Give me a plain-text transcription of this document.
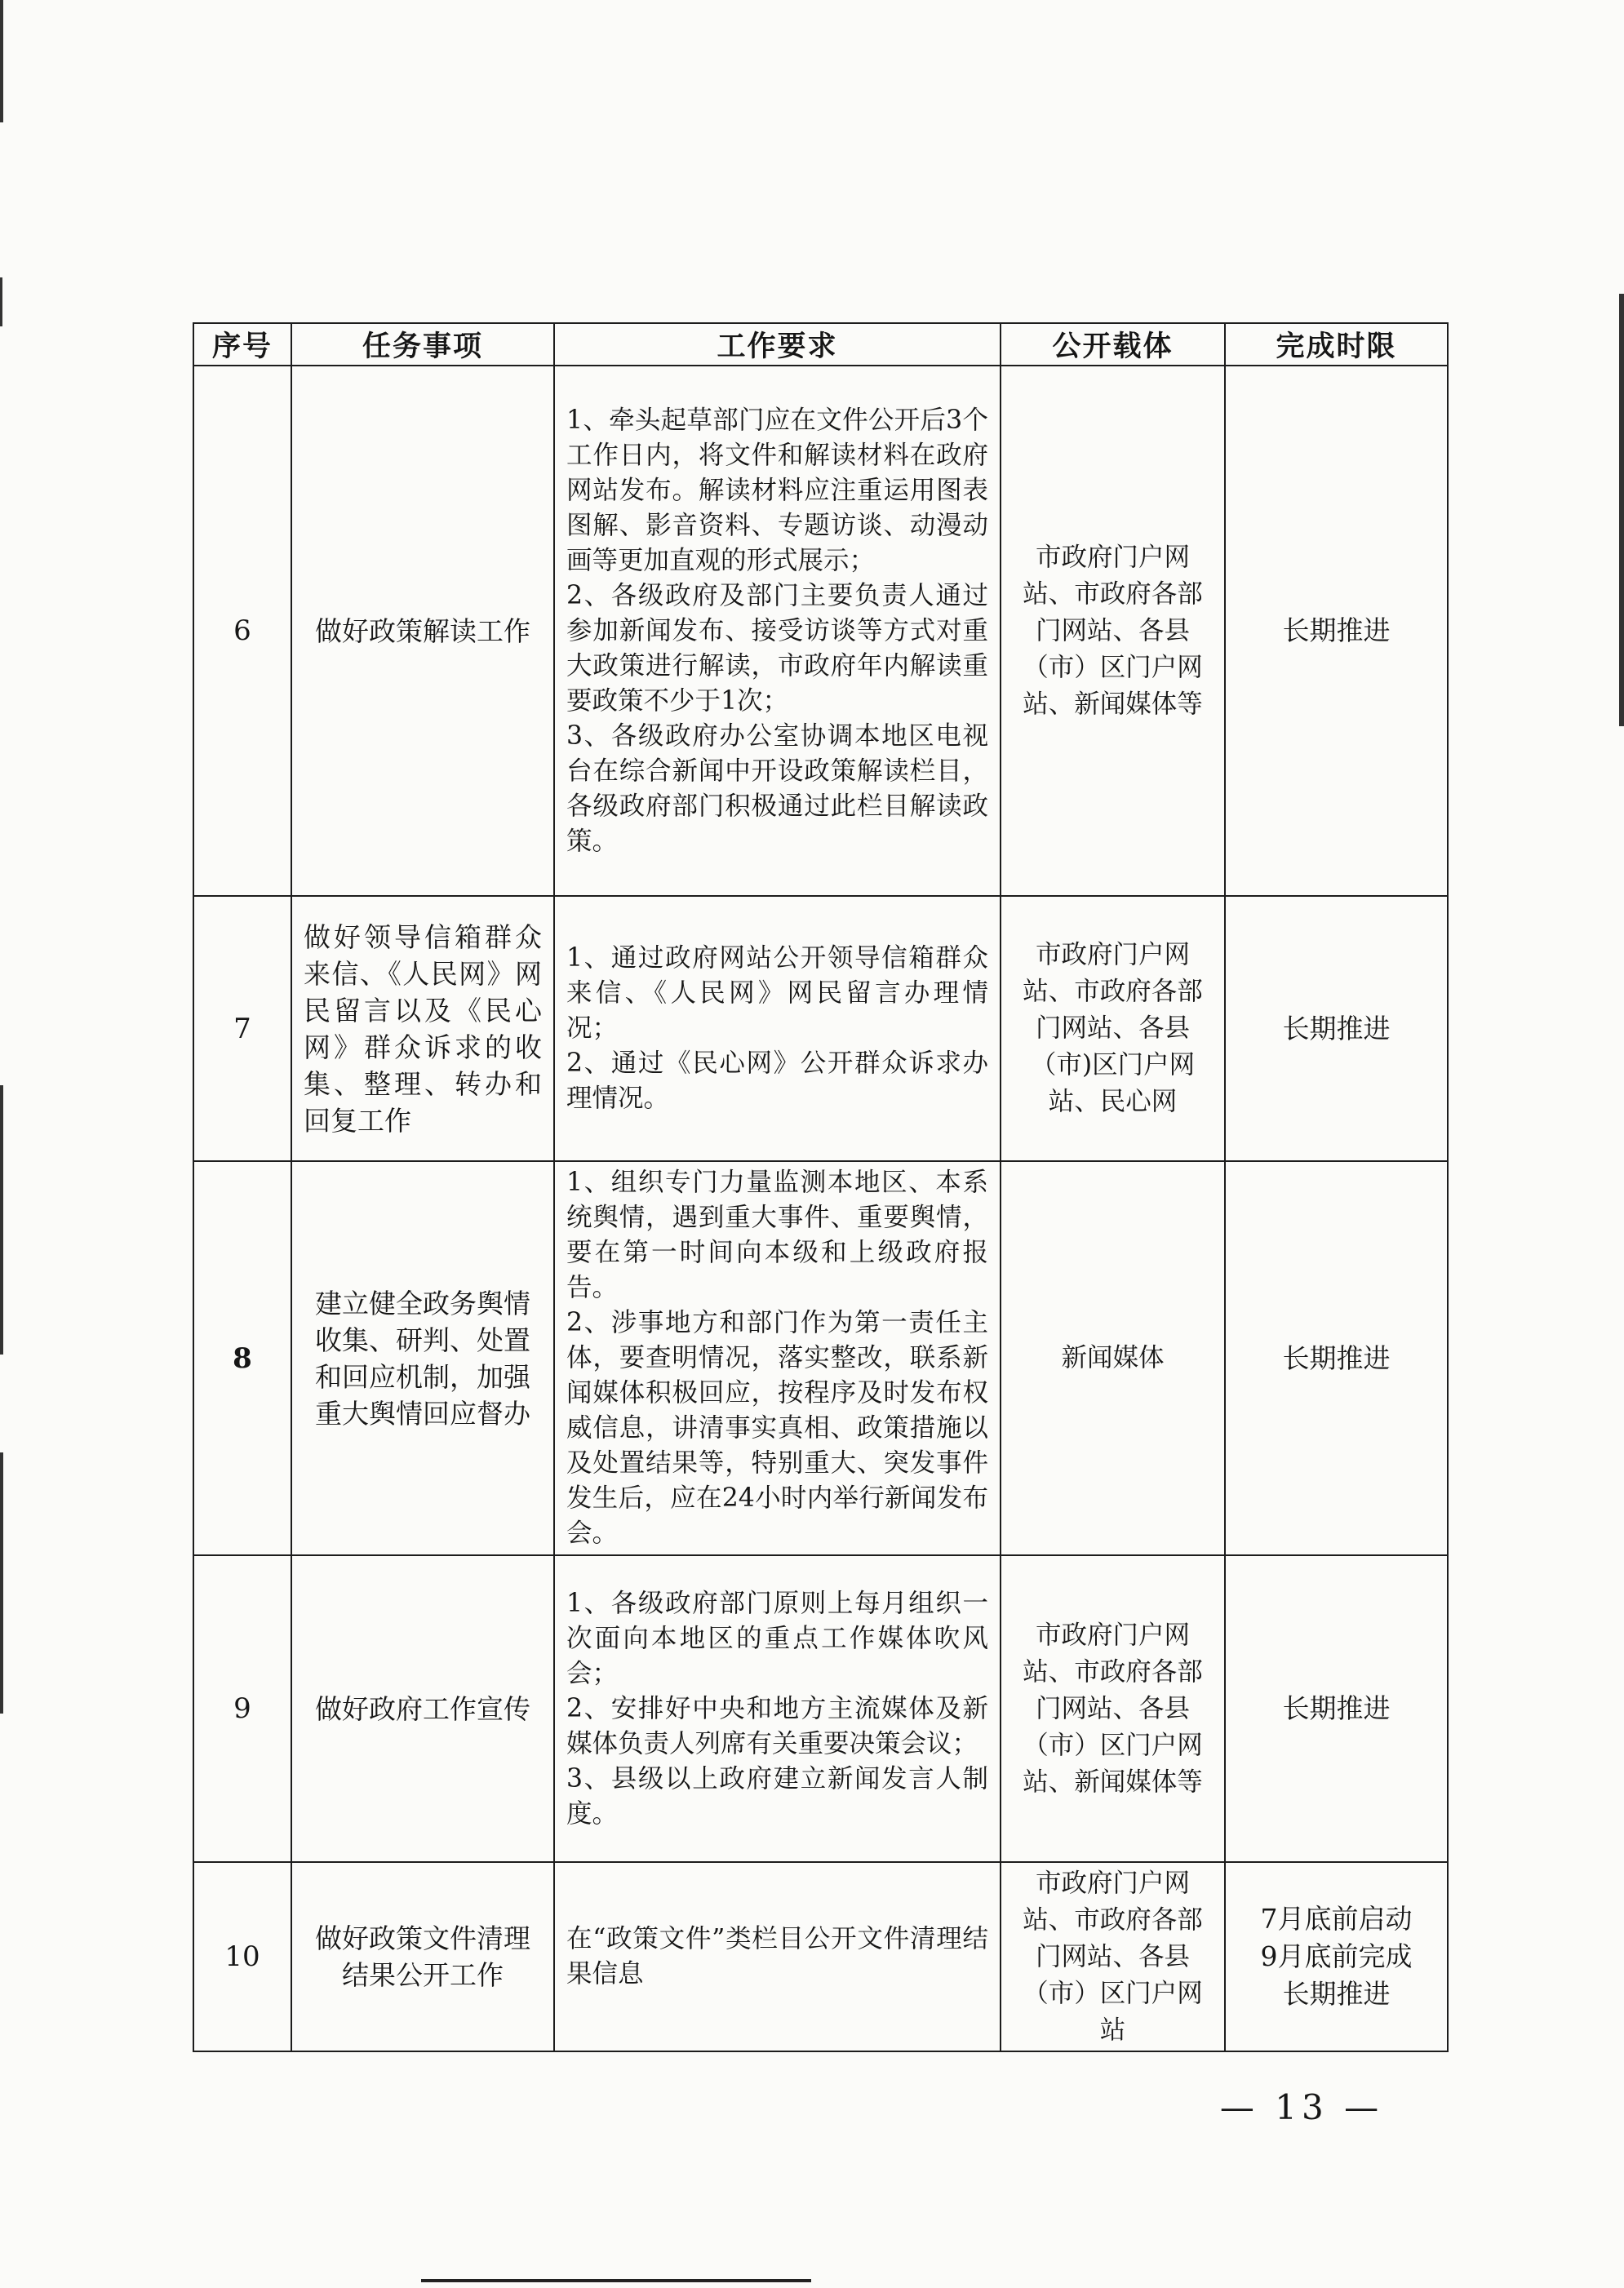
序号	任务事项	工作要求	公开载体	完成时限
6	做好政策解读工作	1、牵头起草部门应在文件公开后3个工作日内，将文件和解读材料在政府网站发布。解读材料应注重运用图表图解、影音资料、专题访谈、动漫动画等更加直观的形式展示；
2、各级政府及部门主要负责人通过参加新闻发布、接受访谈等方式对重大政策进行解读，市政府年内解读重要政策不少于1次；
3、各级政府办公室协调本地区电视台在综合新闻中开设政策解读栏目，各级政府部门积极通过此栏目解读政策。	市政府门户网站、市政府各部门网站、各县（市）区门户网站、新闻媒体等	长期推进

7	做好领导信箱群众来信、《人民网》网民留言以及《民心网》群众诉求的收集、整理、转办和回复工作	1、通过政府网站公开领导信箱群众来信、《人民网》网民留言办理情况；
2、通过《民心网》公开群众诉求办理情况。	市政府门户网站、市政府各部门网站、各县（市)区门户网站、民心网	长期推进

8	建立健全政务舆情收集、研判、处置和回应机制，加强重大舆情回应督办	1、组织专门力量监测本地区、本系统舆情，遇到重大事件、重要舆情，要在第一时间向本级和上级政府报告。
2、涉事地方和部门作为第一责任主体，要查明情况，落实整改，联系新闻媒体积极回应，按程序及时发布权威信息，讲清事实真相、政策措施以及处置结果等，特别重大、突发事件发生后，应在24小时内举行新闻发布会。	新闻媒体	长期推进

9	做好政府工作宣传	1、各级政府部门原则上每月组织一次面向本地区的重点工作媒体吹风会；
2、安排好中央和地方主流媒体及新媒体负责人列席有关重要决策会议；
3、县级以上政府建立新闻发言人制度。	市政府门户网站、市政府各部门网站、各县（市）区门户网站、新闻媒体等	长期推进

10	做好政策文件清理结果公开工作	在“政策文件”类栏目公开文件清理结果信息	市政府门户网站、市政府各部门网站、各县（市）区门户网站	7月底前启动
9月底前完成
长期推进
— 13 —
